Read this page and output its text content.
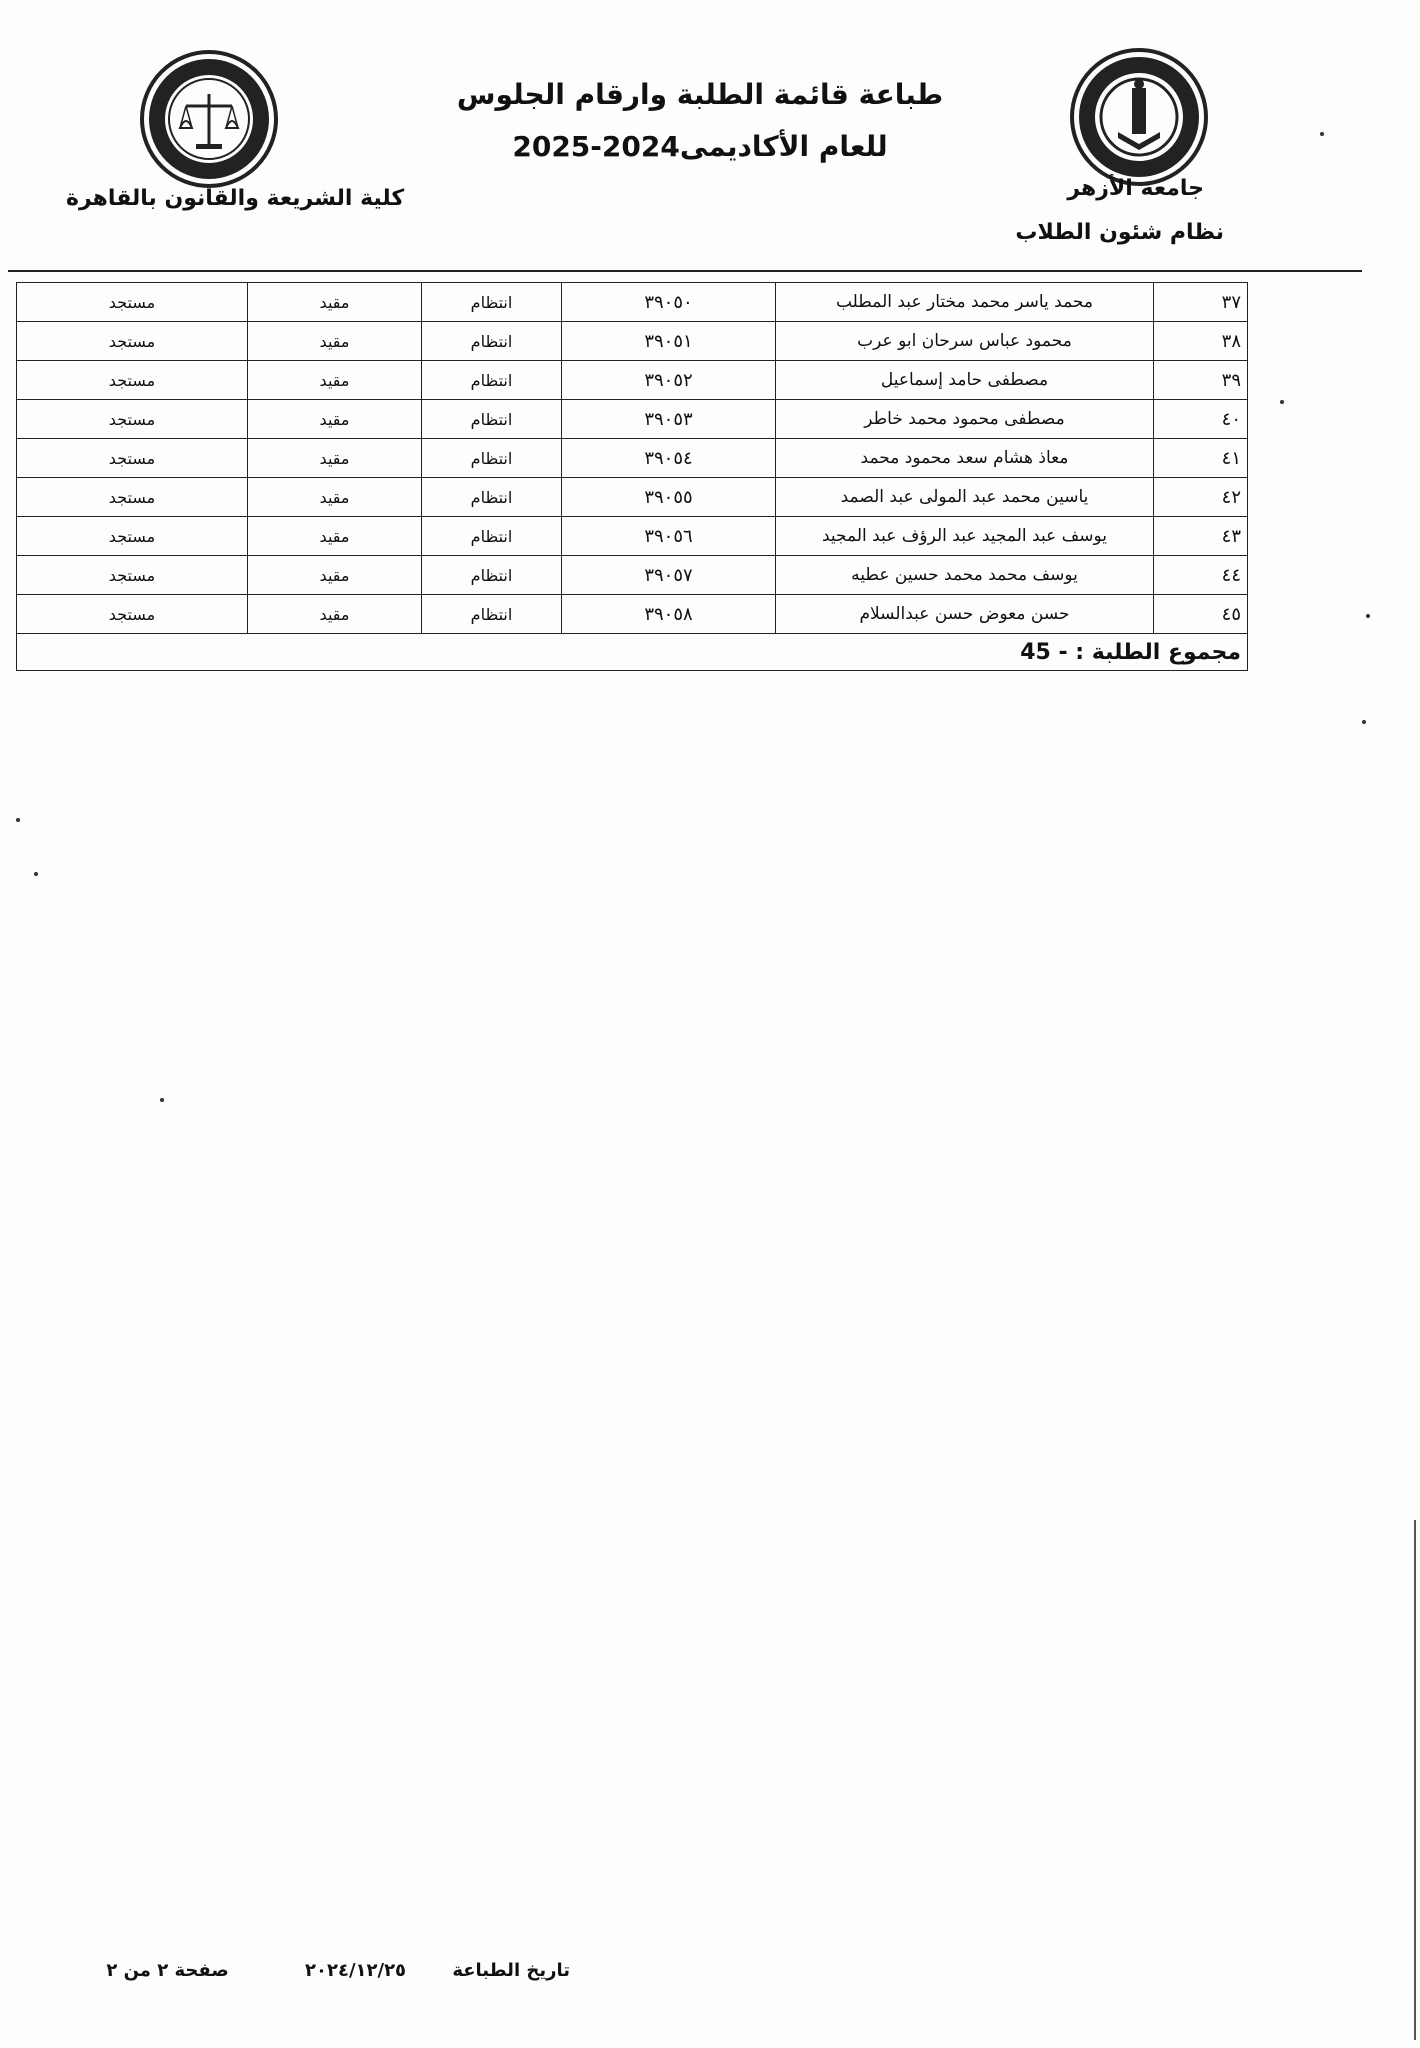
طباعة قائمة الطلبة وارقام الجلوس
للعام الأكاديمى2024-2025
جامعة الأزهر
نظام شئون الطلاب
كلية الشريعة والقانون بالقاهرة
٣٧	محمد ياسر محمد مختار عبد المطلب	٣٩٠٥٠	انتظام	مقيد	مستجد
٣٨	محمود عباس سرحان ابو عرب	٣٩٠٥١	انتظام	مقيد	مستجد
٣٩	مصطفى حامد إسماعيل	٣٩٠٥٢	انتظام	مقيد	مستجد
٤٠	مصطفى محمود محمد خاطر	٣٩٠٥٣	انتظام	مقيد	مستجد
٤١	معاذ هشام سعد محمود محمد	٣٩٠٥٤	انتظام	مقيد	مستجد
٤٢	ياسين محمد عبد المولى عبد الصمد	٣٩٠٥٥	انتظام	مقيد	مستجد
٤٣	يوسف عبد المجيد عبد الرؤف عبد المجيد	٣٩٠٥٦	انتظام	مقيد	مستجد
٤٤	يوسف محمد محمد حسين عطيه	٣٩٠٥٧	انتظام	مقيد	مستجد
٤٥	حسن معوض حسن عبدالسلام	٣٩٠٥٨	انتظام	مقيد	مستجد
مجموع الطلبة : - 45					
تاريخ الطباعة ٢٠٢٤/١٢/٢٥ صفحة ٢ من ٢
